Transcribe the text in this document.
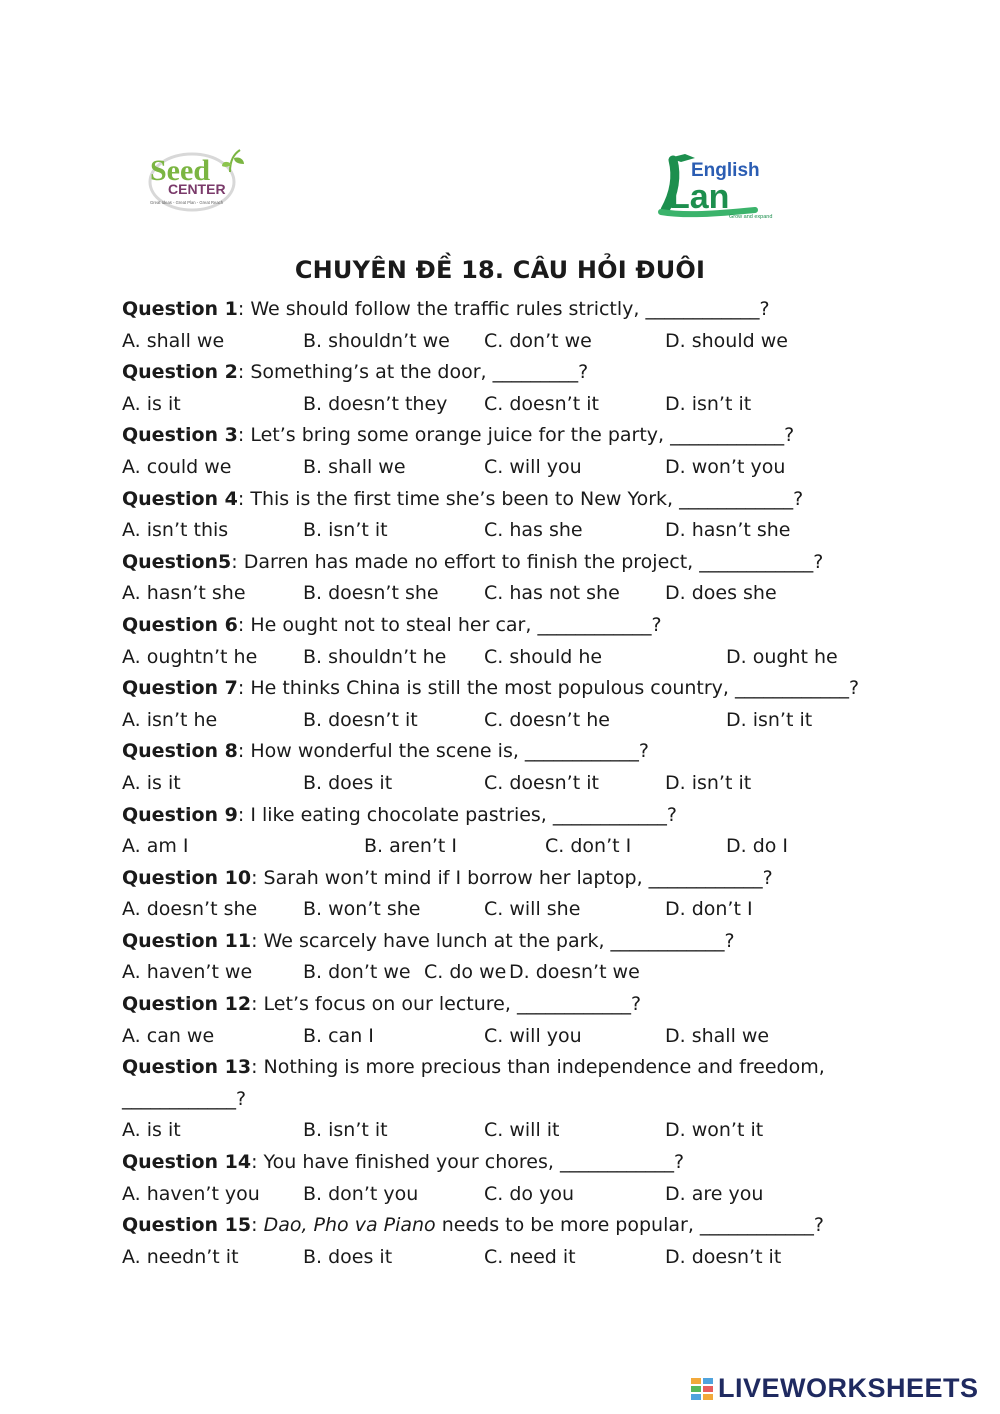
Seed
CENTER
Great Ideas - Great Plan - Great Reach
English
Lan
Grow and expand
CHUYÊN ĐỀ 18. CÂU HỎI ĐUÔI
Question 1: We should follow the traffic rules strictly, ____________?
A. shall we	B. shouldn’t we C. don’t we	D. should we
Question 2: Something’s at the door, _________?
A. is it	B. doesn’t they C. doesn’t it	D. isn’t it
Question 3: Let’s bring some orange juice for the party, ____________?
A. could we	B. shall we	C. will you	D. won’t you
Question 4: This is the first time she’s been to New York, ____________?
A. isn’t this	B. isn’t it	C. has she	D. hasn’t she
Question5: Darren has made no effort to finish the project, ____________?
A. hasn’t she	B. doesn’t she C. has not she D. does she
Question 6: He ought not to steal her car, ____________?
A. oughtn’t he B. shouldn’t he C. should he	D. ought he
Question 7: He thinks China is still the most populous country, ____________?
A. isn’t he	B. doesn’t it	C. doesn’t he	D. isn’t it
Question 8: How wonderful the scene is, ____________?
A. is it	B. does it	C. doesn’t it	D. isn’t it
Question 9: I like eating chocolate pastries, ____________?
A. am I	B. aren’t I	C. don’t I	D. do I
Question 10: Sarah won’t mind if I borrow her laptop, ____________?
A. doesn’t she B. won’t she	C. will she	D. don’t I
Question 11: We scarcely have lunch at the park, ____________?
A. haven’t we	B. don’t we C. do we D. doesn’t we
Question 12: Let’s focus on our lecture, ____________?
A. can we	B. can I	C. will you	D. shall we
Question 13: Nothing is more precious than independence and freedom,
____________?
A. is it	B. isn’t it	C. will it	D. won’t it
Question 14: You have finished your chores, ____________?
A. haven’t you B. don’t you	C. do you	D. are you
Question 15: Dao, Pho va Piano needs to be more popular, ____________?
A. needn’t it	B. does it	C. need it	D. doesn’t it
LIVEWORKSHEETS
